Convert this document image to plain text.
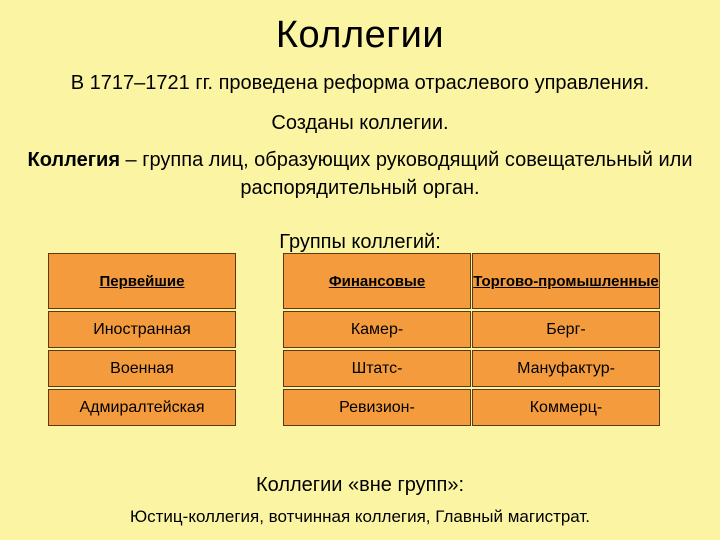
Коллегии
В 1717–1721 гг. проведена реформа отраслевого управления.
Созданы коллегии.
Коллегия – группа лиц, образующих руководящий совещательный или распорядительный орган.
Группы коллегий:
Первейшие
Иностранная
Военная
Адмиралтейская
Финансовые
Камер-
Штатс-
Ревизион-
Торгово-промышленные
Берг-
Мануфактур-
Коммерц-
Коллегии «вне групп»:
Юстиц-коллегия, вотчинная коллегия, Главный магистрат.
